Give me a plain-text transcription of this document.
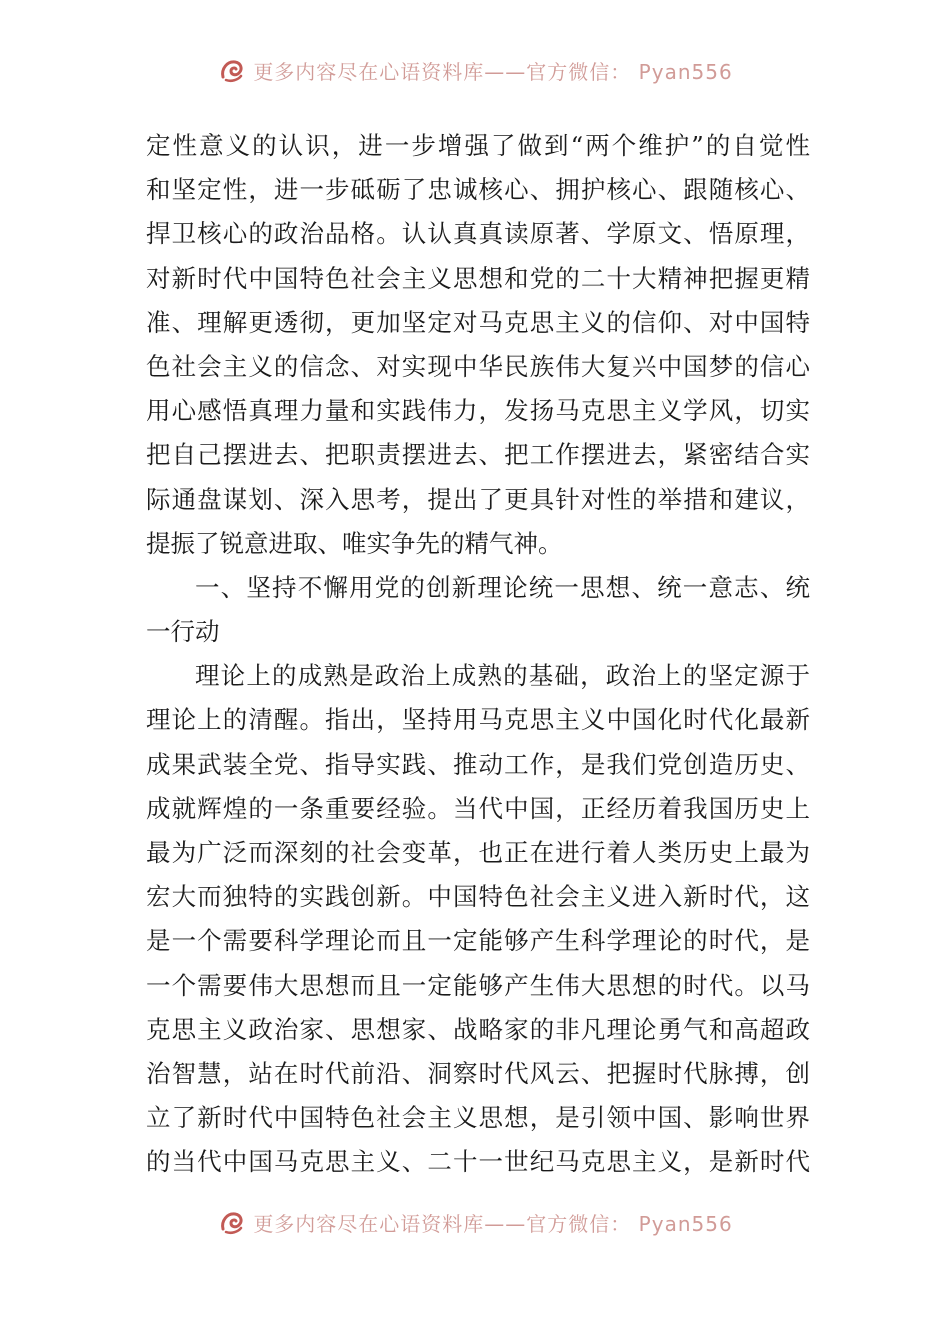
更多内容尽在心语资料库——官方微信： Pyan556
定性意义的认识，进一步增强了做到“两个维护”的自觉性
和坚定性，进一步砥砺了忠诚核心、拥护核心、跟随核心、
捍卫核心的政治品格。认认真真读原著、学原文、悟原理，
对新时代中国特色社会主义思想和党的二十大精神把握更精
准、理解更透彻，更加坚定对马克思主义的信仰、对中国特
色社会主义的信念、对实现中华民族伟大复兴中国梦的信心
用心感悟真理力量和实践伟力，发扬马克思主义学风，切实
把自己摆进去、把职责摆进去、把工作摆进去，紧密结合实
际通盘谋划、深入思考，提出了更具针对性的举措和建议，
提振了锐意进取、唯实争先的精气神。
一、坚持不懈用党的创新理论统一思想、统一意志、统
一行动
理论上的成熟是政治上成熟的基础，政治上的坚定源于
理论上的清醒。指出，坚持用马克思主义中国化时代化最新
成果武装全党、指导实践、推动工作，是我们党创造历史、
成就辉煌的一条重要经验。当代中国，正经历着我国历史上
最为广泛而深刻的社会变革，也正在进行着人类历史上最为
宏大而独特的实践创新。中国特色社会主义进入新时代，这
是一个需要科学理论而且一定能够产生科学理论的时代，是
一个需要伟大思想而且一定能够产生伟大思想的时代。以马
克思主义政治家、思想家、战略家的非凡理论勇气和高超政
治智慧，站在时代前沿、洞察时代风云、把握时代脉搏，创
立了新时代中国特色社会主义思想，是引领中国、影响世界
的当代中国马克思主义、二十一世纪马克思主义，是新时代
更多内容尽在心语资料库——官方微信： Pyan556
